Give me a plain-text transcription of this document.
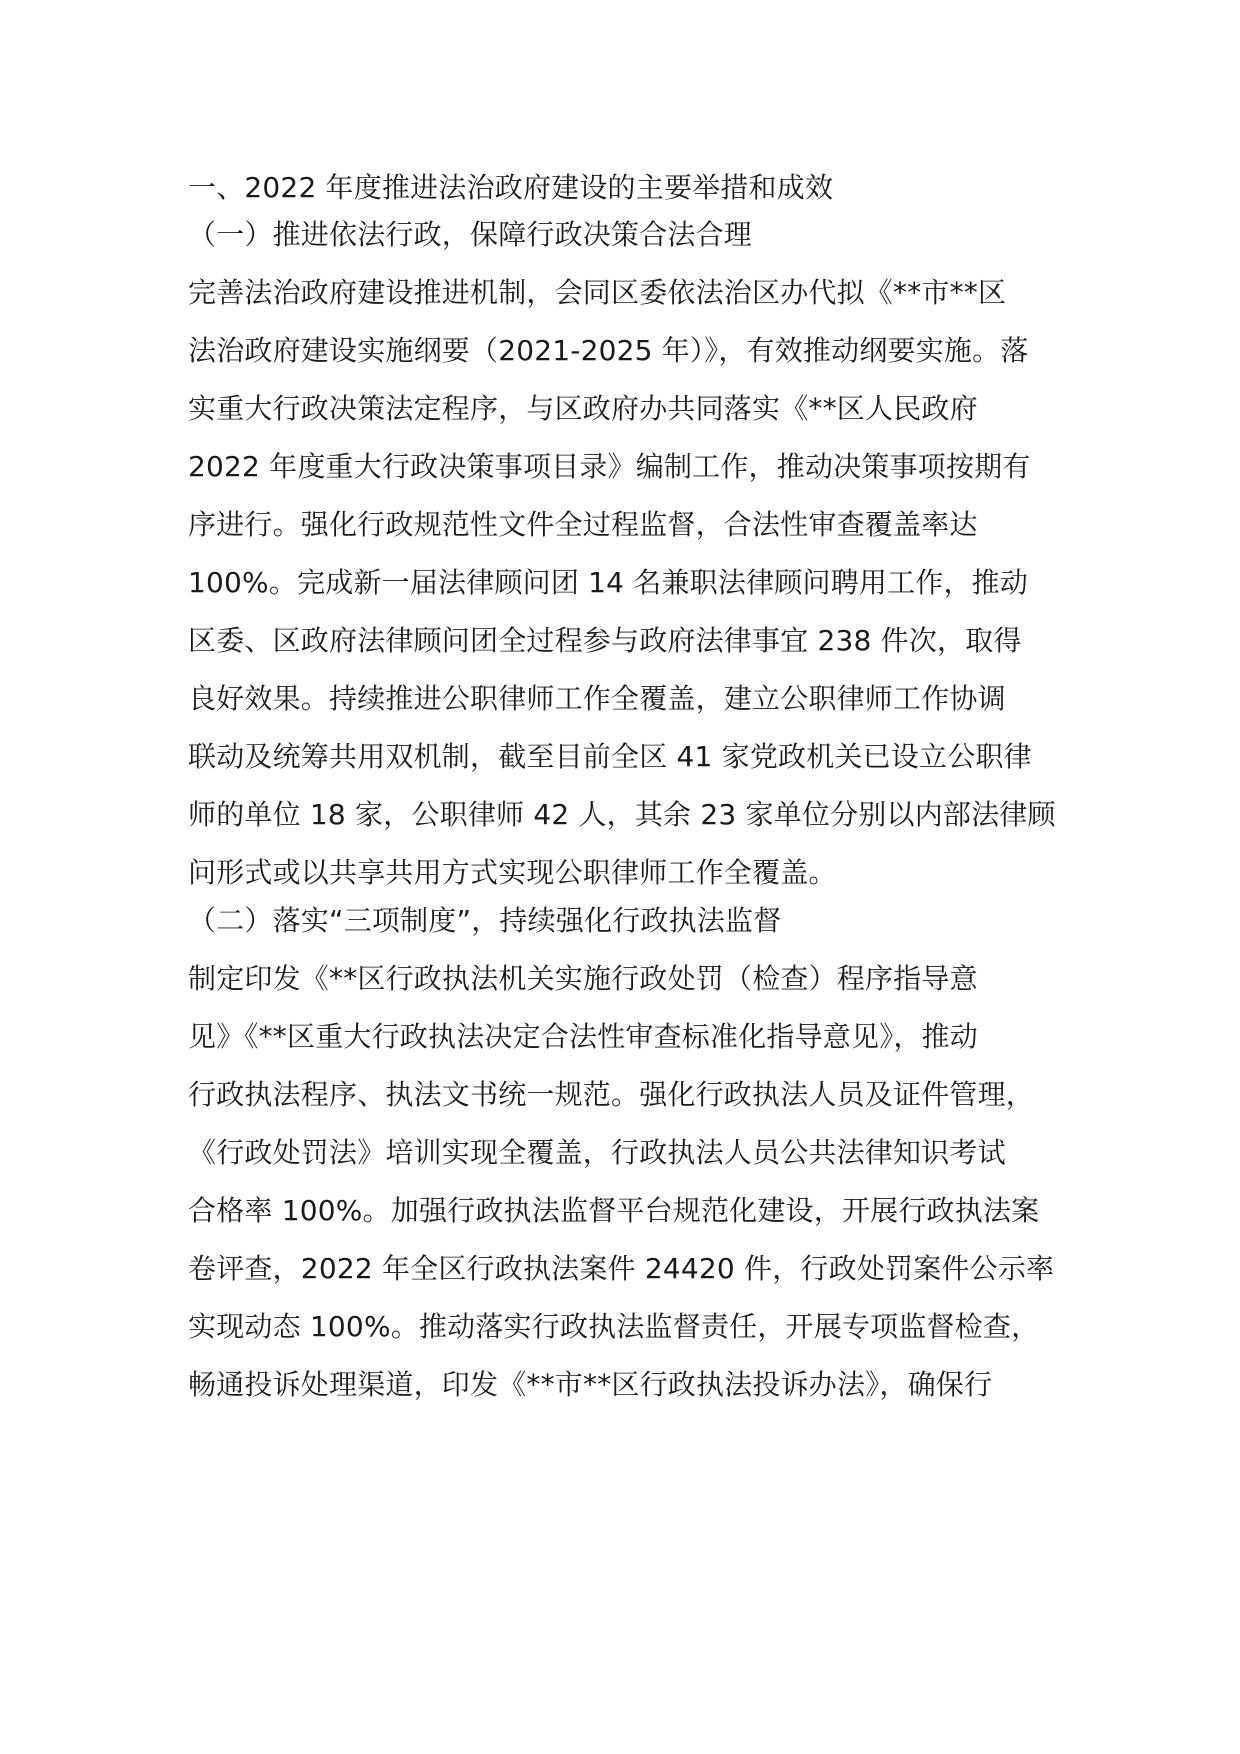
一、2022 年度推进法治政府建设的主要举措和成效
（一）推进依法行政，保障行政决策合法合理
完善法治政府建设推进机制，会同区委依法治区办代拟《**市**区
法治政府建设实施纲要（2021-2025 年）》，有效推动纲要实施。落
实重大行政决策法定程序，与区政府办共同落实《**区人民政府
2022 年度重大行政决策事项目录》编制工作，推动决策事项按期有
序进行。强化行政规范性文件全过程监督，合法性审查覆盖率达
100%。完成新一届法律顾问团 14 名兼职法律顾问聘用工作，推动
区委、区政府法律顾问团全过程参与政府法律事宜 238 件次，取得
良好效果。持续推进公职律师工作全覆盖，建立公职律师工作协调
联动及统筹共用双机制，截至目前全区 41 家党政机关已设立公职律
师的单位 18 家，公职律师 42 人，其余 23 家单位分别以内部法律顾
问形式或以共享共用方式实现公职律师工作全覆盖。
（二）落实“三项制度”，持续强化行政执法监督
制定印发《**区行政执法机关实施行政处罚（检查）程序指导意
见》《**区重大行政执法决定合法性审查标准化指导意见》，推动
行政执法程序、执法文书统一规范。强化行政执法人员及证件管理，
《行政处罚法》培训实现全覆盖，行政执法人员公共法律知识考试
合格率 100%。加强行政执法监督平台规范化建设，开展行政执法案
卷评查，2022 年全区行政执法案件 24420 件，行政处罚案件公示率
实现动态 100%。推动落实行政执法监督责任，开展专项监督检查，
畅通投诉处理渠道，印发《**市**区行政执法投诉办法》，确保行
